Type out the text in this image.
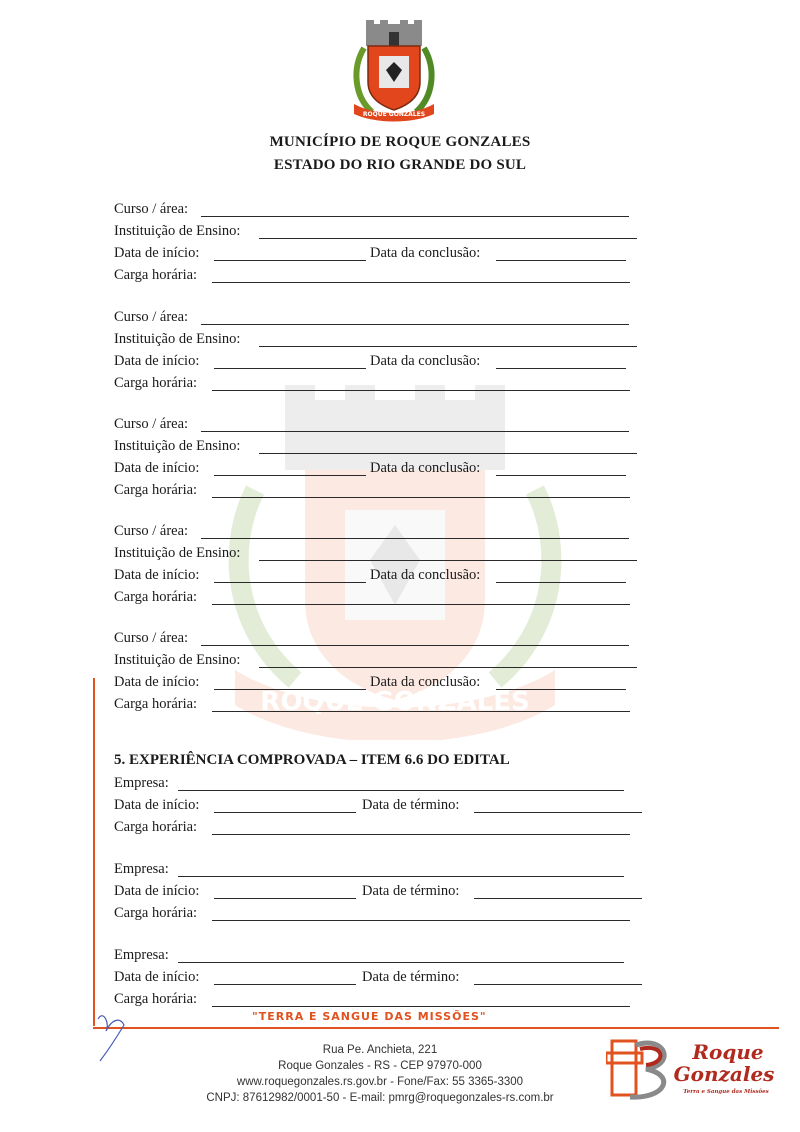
ROQUE GONZALES
MUNICÍPIO DE ROQUE GONZALES
ESTADO DO RIO GRANDE DO SUL
ROQUE GONZALES
Curso / área:
Instituição de Ensino:
Data de início:	Data da conclusão:
Carga horária:
Curso / área:
Instituição de Ensino:
Data de início:	Data da conclusão:
Carga horária:
Curso / área:
Instituição de Ensino:
Data de início:	Data da conclusão:
Carga horária:
Curso / área:
Instituição de Ensino:
Data de início:	Data da conclusão:
Carga horária:
Curso / área:
Instituição de Ensino:
Data de início:	Data da conclusão:
Carga horária:
5. EXPERIÊNCIA COMPROVADA – ITEM 6.6 DO EDITAL
Empresa:
Data de início:	Data de término:
Carga horária:
Empresa:
Data de início:	Data de término:
Carga horária:
Empresa:
Data de início:	Data de término:
Carga horária:
"TERRA E SANGUE DAS MISSÕES"
Rua Pe. Anchieta, 221
Roque Gonzales - RS - CEP 97970-000
www.roquegonzales.rs.gov.br - Fone/Fax: 55 3365-3300
CNPJ: 87612982/0001-50 - E-mail: pmrg@roquegonzales-rs.com.br
Roque
Gonzales
Terra e Sangue das Missões
